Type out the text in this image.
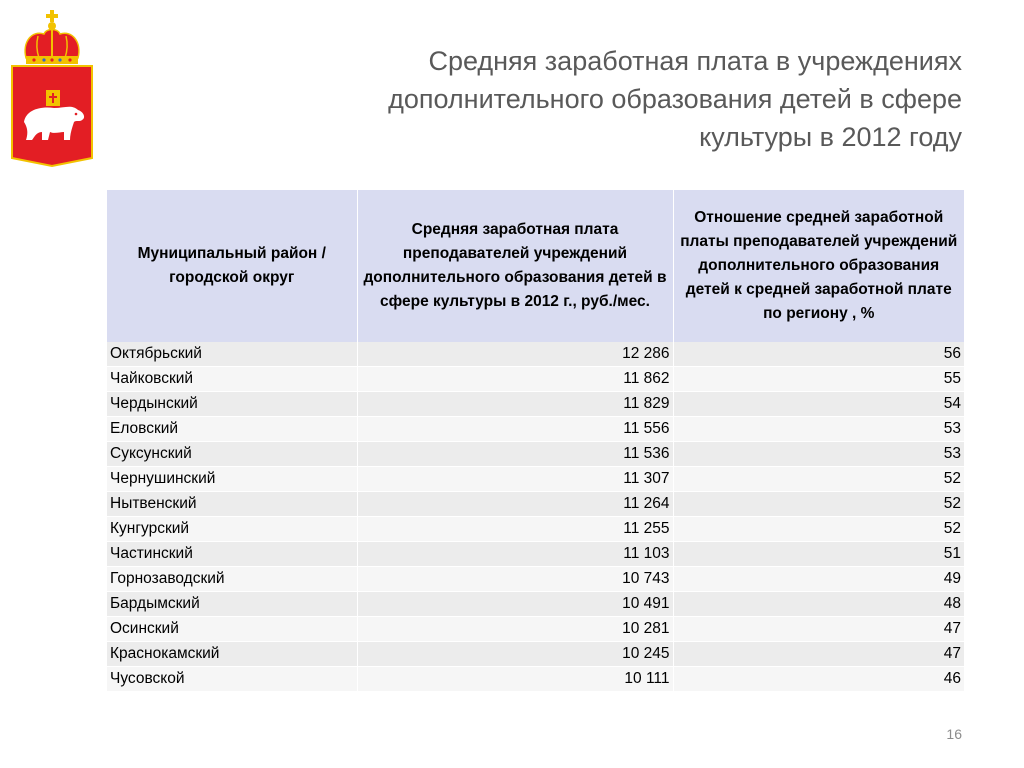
Средняя заработная плата в учреждениях
дополнительного образования детей в сфере
культуры в 2012 году
Муниципальный район / городской округ	Средняя заработная плата преподавателей учреждений дополнительного образования детей в сфере культуры в 2012 г., руб./мес.	Отношение средней заработной платы преподавателей учреждений дополнительного образования детей к средней заработной плате по региону , %
Октябрьский	12 286	56
Чайковский	11 862	55
Чердынский	11 829	54
Еловский	11 556	53
Суксунский	11 536	53
Чернушинский	11 307	52
Нытвенский	11 264	52
Кунгурский	11 255	52
Частинский	11 103	51
Горнозаводский	10 743	49
Бардымский	10 491	48
Осинский	10 281	47
Краснокамский	10 245	47
Чусовской	10 111	46
16
